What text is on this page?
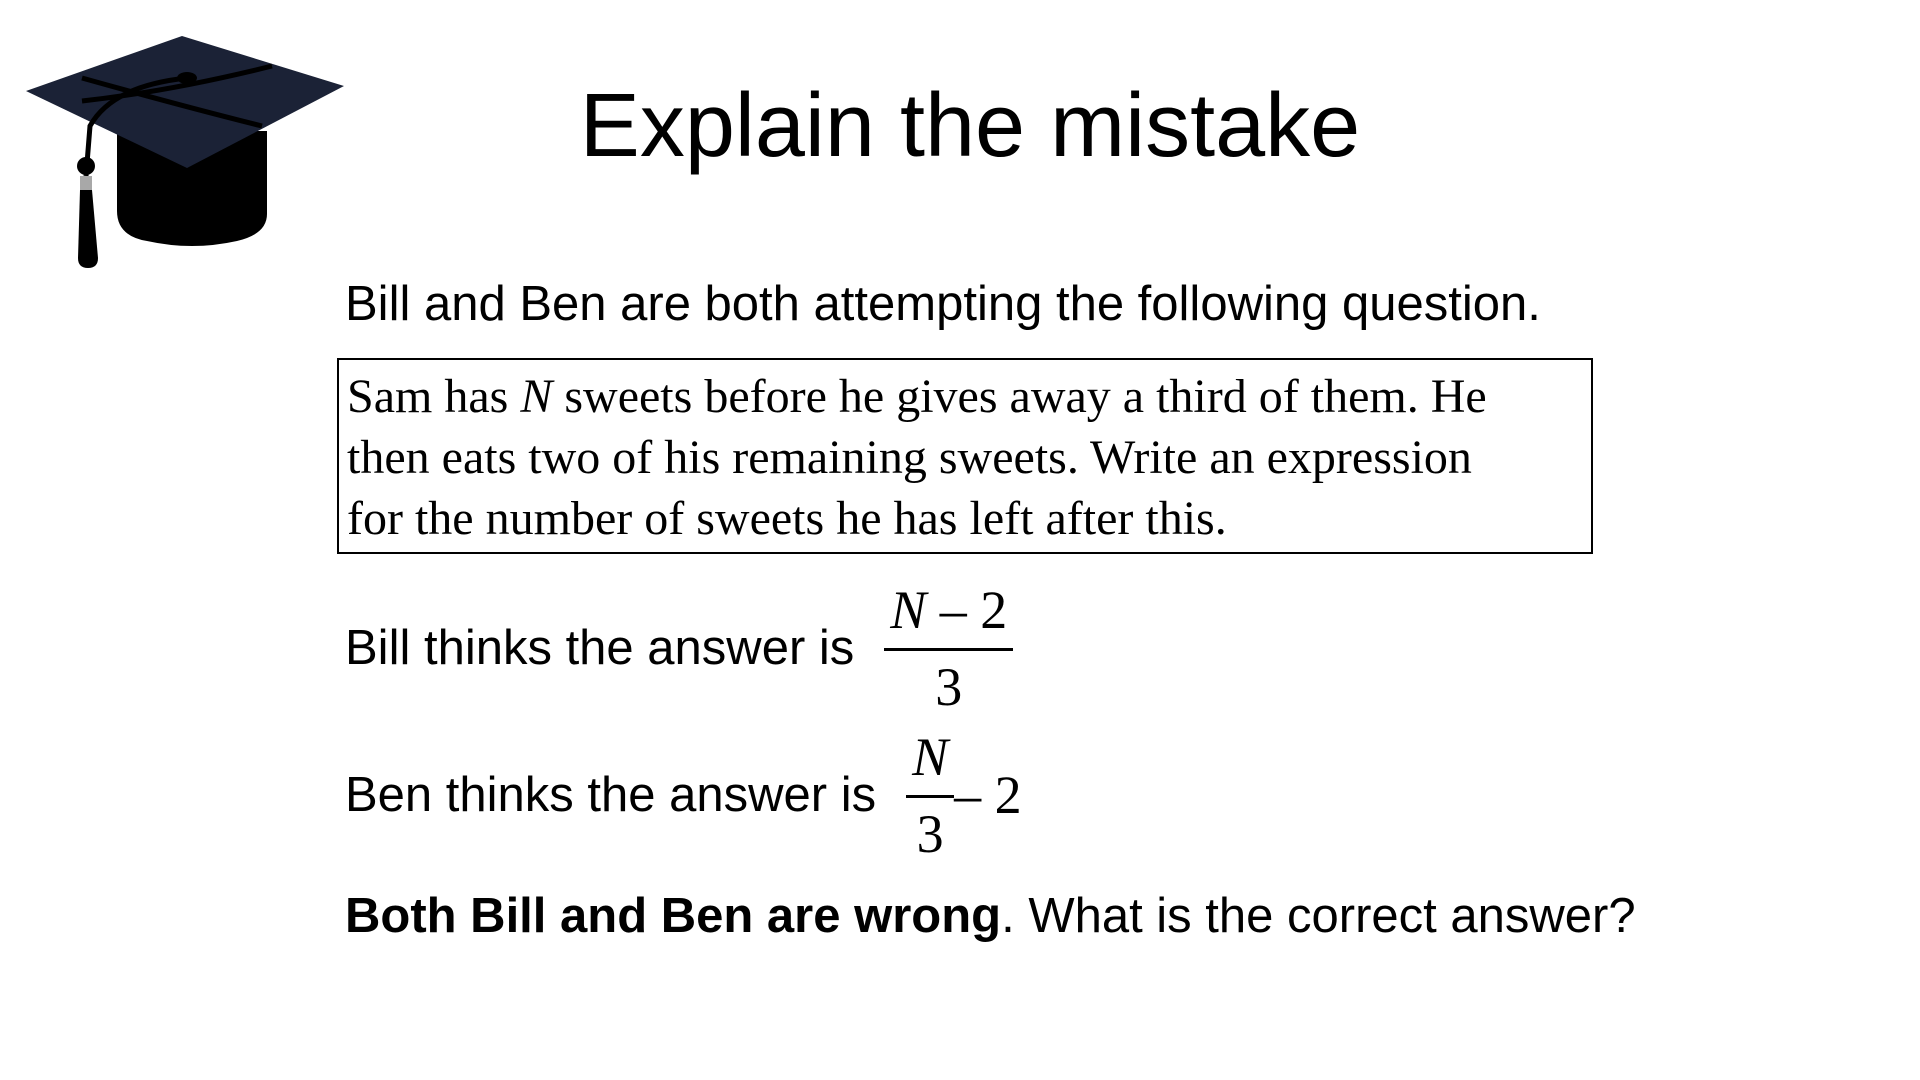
Explain the mistake
Bill and Ben are both attempting the following question.
Sam has N sweets before he gives away a third of them. He
then eats two of his remaining sweets. Write an expression
for the number of sweets he has left after this.
Bill thinks the answer is $\frac{N - 2}{3}$
Ben thinks the answer is $\frac{N}{3} - 2$
Both Bill and Ben are wrong. What is the correct answer?
